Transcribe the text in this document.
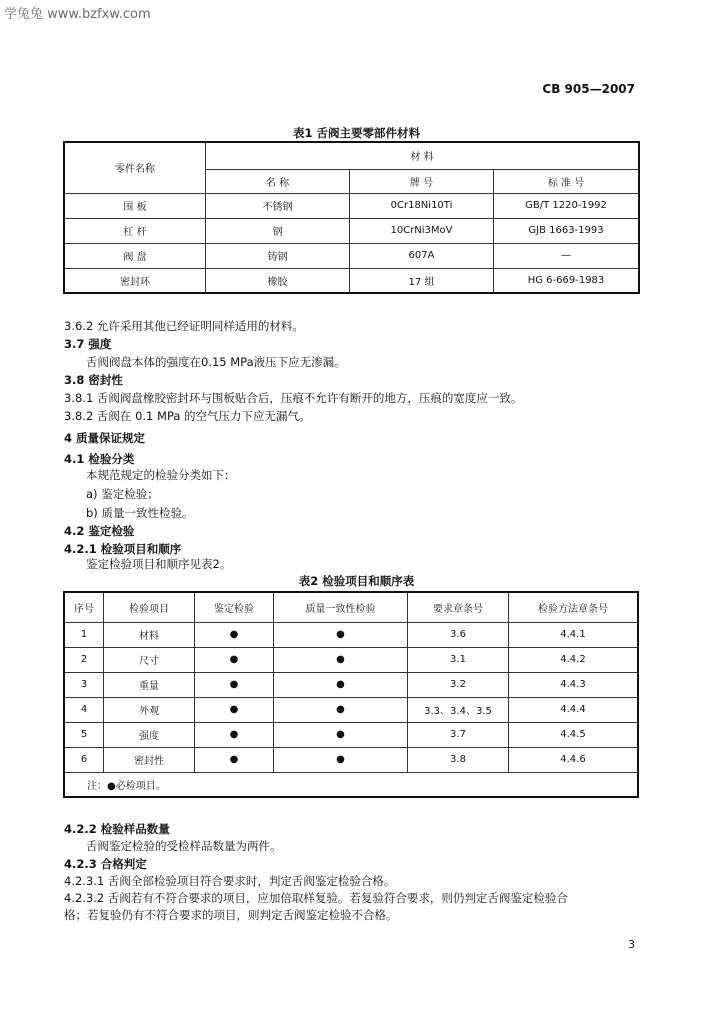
学兔兔 www.bzfxw.com
CB 905—2007
表1 舌阀主要零部件材料
零件名称	材 料		
	名 称	牌 号	标 准 号
围 板	不锈钢	0Cr18Ni10Ti	GB/T 1220-1992
杠 杆	钢	10CrNi3MoV	GJB 1663-1993
阀 盘	铸钢	607A	—
密封环	橡胶	17 组	HG 6-669-1983
3.6.2 允许采用其他已经证明同样适用的材料。
3.7 强度
舌阀阀盘本体的强度在0.15 MPa液压下应无渗漏。
3.8 密封性
3.8.1 舌阀阀盘橡胶密封环与围板贴合后，压痕不允许有断开的地方，压痕的宽度应一致。
3.8.2 舌阀在 0.1 MPa 的空气压力下应无漏气。
4 质量保证规定
4.1 检验分类
本规范规定的检验分类如下：
a) 鉴定检验；
b) 质量一致性检验。
4.2 鉴定检验
4.2.1 检验项目和顺序
鉴定检验项目和顺序见表2。
表2 检验项目和顺序表
序号	检验项目	鉴定检验	质量一致性检验	要求章条号	检验方法章条号
1	材料	●	●	3.6	4.4.1
2	尺寸	●	●	3.1	4.4.2
3	重量	●	●	3.2	4.4.3
4	外观	●	●	3.3、3.4、3.5	4.4.4
5	强度	●	●	3.7	4.4.5
6	密封性	●	●	3.8	4.4.6
注：●必检项目。					
4.2.2 检验样品数量
舌阀鉴定检验的受检样品数量为两件。
4.2.3 合格判定
4.2.3.1 舌阀全部检验项目符合要求时，判定舌阀鉴定检验合格。
4.2.3.2 舌阀若有不符合要求的项目，应加倍取样复验。若复验符合要求，则仍判定舌阀鉴定检验合
格；若复验仍有不符合要求的项目，则判定舌阀鉴定检验不合格。
3
